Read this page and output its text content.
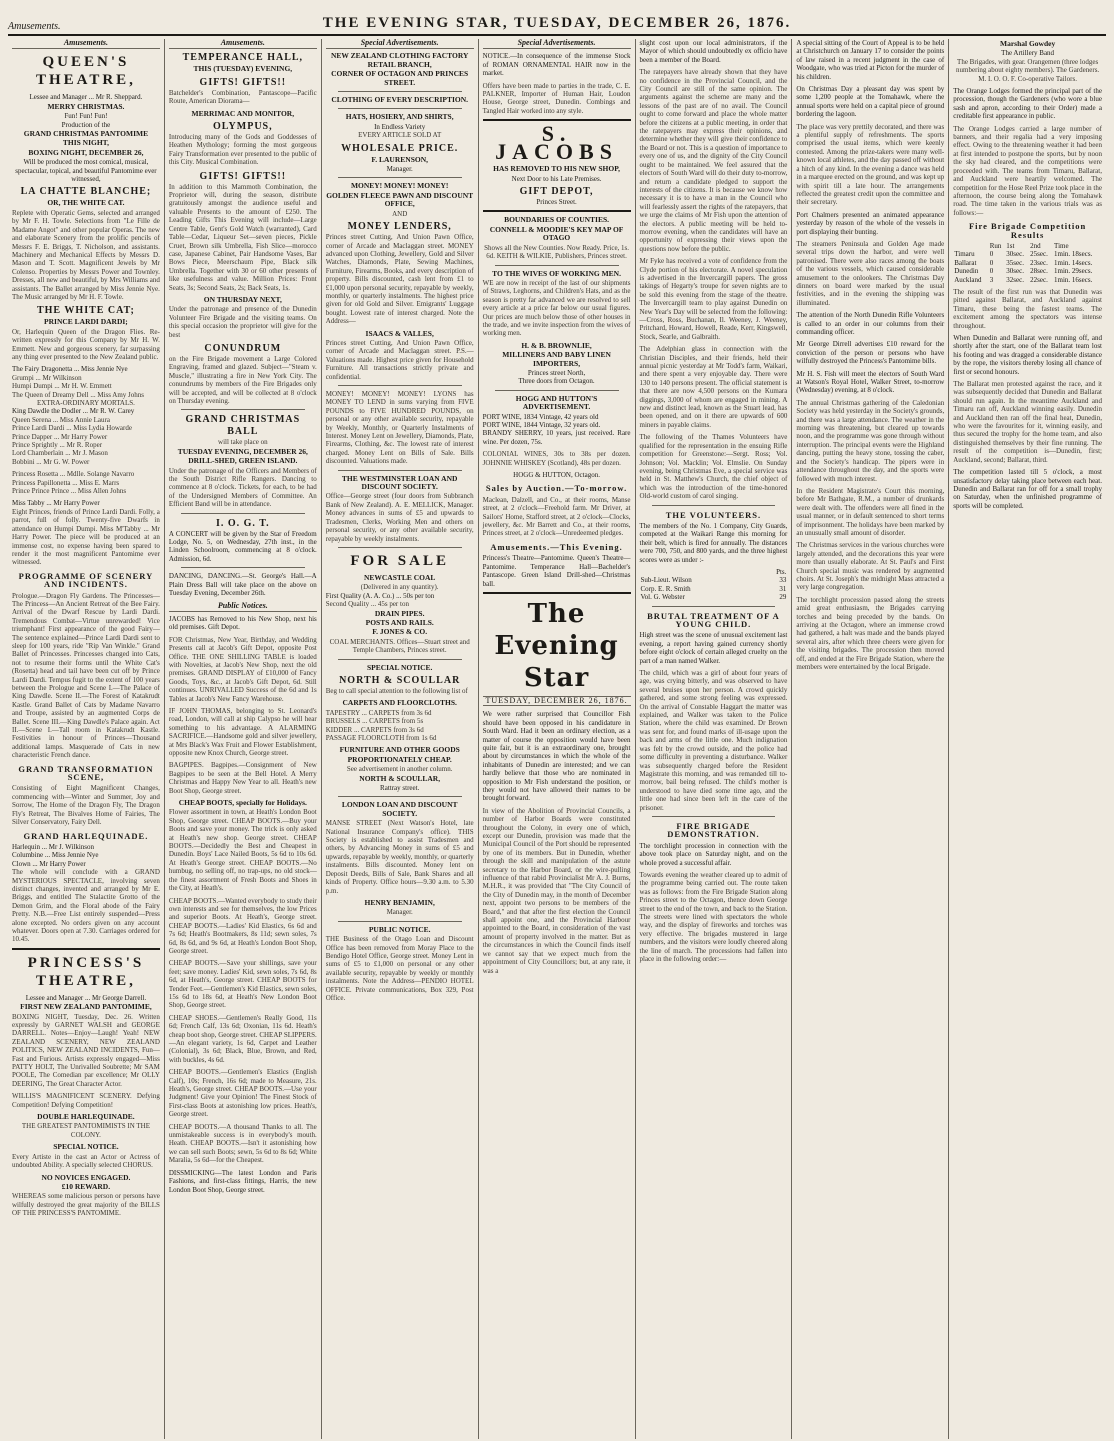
Amusements.	THE EVENING STAR, TUESDAY, DECEMBER 26, 1876.
Amusements.
QUEEN'S THEATRE,
Lessee and Manager ... Mr R. Sheppard.
MERRY CHRISTMAS.
Fun! Fun! Fun!
Production of the
GRAND CHRISTMAS PANTOMIME
THIS NIGHT,
BOXING NIGHT, DECEMBER 26,
Will be produced the most comical, musical, spectacular, topical, and beautiful Pantomime ever witnessed,
LA CHATTE BLANCHE;
OR, THE WHITE CAT.
Replete with Operatic Gems, selected and arranged by Mr F. H. Towle. Selections from "Le Fille de Madame Angot" and other popular Operas. The new and elaborate Scenery from the prolific pencils of Messrs F. E. Briggs, T. Nicholson, and assistants. Machinery and Mechanical Effects by Messrs D. Mason and T. Scott. Magnificent Jewels by Mr Colenso. Properties by Messrs Power and Townley. Dresses, all new and beautiful, by Mrs Williams and assistants. The Ballet arranged by Miss Jennie Nye. The Music arranged by Mr H. F. Towle.
THE WHITE CAT;
PRINCE LARDI DARDI;
Or, Harlequin Queen of the Dragon Flies. Re-written expressly for this Company by Mr H. W. Emmett. New and gorgeous scenery, far surpassing any thing ever presented to the New Zealand public.
The Fairy Dragonetta ... Miss Jennie Nye
Grumpi ... Mr Wilkinson
Humpi Dumpi ... Mr H. W. Emmett
The Queen of Dreamy Dell ... Miss Amy Johns
EXTRA-ORDINARY MORTALS.
King Dawdle the Dodler ... Mr R. W. Carey
Queen Serena ... Miss Annie Laura
Prince Lardi Dardi ... Miss Lydia Howarde
Prince Dapper ... Mr Harry Power
Prince Sprightly ... Mr R. Roper
Lord Chamberlain ... Mr J. Mason
Bobbini ... Mr G. W. Power
Princess Rosetta ... Mdlle. Solange Navarro
Princess Papillonetta ... Miss E. Marrs
Prince Prince Prince ... Miss Allen Johns
Miss Tabby ... Mr Harry Power
Eight Princes, friends of Prince Lardi Dardi. Folly, a parrot, full of folly. Twenty-five Dwarfs in attendance on Humpi Dumpi. Miss M'Tabby ... Mr Harry Power. The piece will be produced at an immense cost, no expense having been spared to render it the most magnificent Pantomime ever witnessed.
PROGRAMME OF SCENERY AND INCIDENTS.
Prologue.—Dragon Fly Gardens. The Princesses—The Princess—An Ancient Retreat of the Bee Fairy. Arrival of the Dwarf Rescue by Lardi Dardi. Tremendous Combat—Virtue unrewarded! Vice triumphant! First appearance of the good Fairy—The sentence explained—Prince Lardi Dardi sent to sleep for 100 years, ride "Rip Van Winkle." Grand Ballet of Princesses. Princesses changed into Cats, not to resume their forms until the White Cat's (Rosetta) head and tail have been cut off by Prince Lardi Dardi. Tempus fugit to the extent of 100 years between the Prologue and Scene I.—The Palace of King Dawdle. Scene II.—The Forest of Katakrudt Kastle. Grand Ballet of Cats by Madame Navarro and Troupe, assisted by an augmented Corps de Ballet. Scene III.—King Dawdle's Palace again. Act II.—Scene I.—Tall room in Katakrudt Kastle. Festivities in honour of Princes—Thousand additional lamps. Masquerade of Cats in new characteristic French dance.
GRAND TRANSFORMATION SCENE,
Consisting of Eight Magnificent Changes, commencing with—Winter and Summer, Joy and Sorrow, The Home of the Dragon Fly, The Dragon Fly's Retreat, The Bivalves Home of Fairies, The Silver Conservatory, Fairy Dell.
GRAND HARLEQUINADE.
Harlequin ... Mr J. Wilkinson
Columbine ... Miss Jennie Nye
Clown ... Mr Harry Power
The whole will conclude with a GRAND MYSTERIOUS SPECTACLE, involving seven distinct changes, invented and arranged by Mr E. Briggs, and entitled The Stalactite Grotto of the Demon Grim, and the Floral abode of the Fairy Pretty. N.B.—Free List entirely suspended—Press alone excepted. No orders given on any account whatever. Doors open at 7.30. Carriages ordered for 10.45.
PRINCESS'S THEATRE,
Lessee and Manager ... Mr George Darrell.
FIRST NEW ZEALAND PANTOMIME,
BOXING NIGHT, Tuesday, Dec. 26. Written expressly by GARNET WALSH and GEORGE DARRELL. Notes—Enjoy—Laugh! Yeah! NEW ZEALAND SCENERY, NEW ZEALAND POLITICS, NEW ZEALAND INCIDENTS, Fun—Fast and Furious. Artists expressly engaged—Miss PATTY HOLT, The Unrivalled Soubrette; Mr SAM POOLE, The Comedian par excellence; Mr OLLY DEERING, The Great Character Actor.
WILLIS'S MAGNIFICENT SCENERY. Defying Competition! Defying Competition!
DOUBLE HARLEQUINADE.
THE GREATEST PANTOMIMISTS IN THE COLONY.
SPECIAL NOTICE.
Every Artiste in the cast an Actor or Actress of undoubted Ability. A specially selected CHORUS.
NO NOVICES ENGAGED.
£10 REWARD.
WHEREAS some malicious person or persons have wilfully destroyed the great majority of the BILLS OF THE PRINCESS'S PANTOMIME.
Amusements.
TEMPERANCE HALL,
THIS (TUESDAY) EVENING,
GIFTS! GIFTS!!
Batchelder's Combination, Pantascope—Pacific Route, American Diorama—
MERRIMAC AND MONITOR,
OLYMPUS,
Introducing many of the Gods and Goddesses of Heathen Mythology; forming the most gorgeous Fairy Transformation ever presented to the public of this City. Musical Combination.
GIFTS! GIFTS!!
In addition to this Mammoth Combination, the Proprietor will, during the season, distribute gratuitously amongst the audience useful and valuable Presents to the amount of £250. The Leading Gifts This Evening will include—Large Centre Table, Gent's Gold Watch (warranted), Card Table—Cedar, Liqueur Set—seven pieces, Pickle Cruet, Brown silk Umbrella, Fish Slice—morocco case, Japanese Cabinet, Pair Handsome Vases, Bar Bows Piece, Meerschaum Pipe, Black silk Umbrella. Together with 30 or 60 other presents of like usefulness and value. Million Prices: Front Seats, 3s; Second Seats, 2s; Back Seats, 1s.
ON THURSDAY NEXT,
Under the patronage and presence of the Dunedin Volunteer Fire Brigade and the visiting teams. On this special occasion the proprietor will give for the best
CONUNDRUM
on the Fire Brigade movement a Large Colored Engraving, framed and glazed. Subject—"Steam v. Muscle," illustrating a fire in New York City. The conundrums by members of the Fire Brigades only will be accepted, and will be collected at 8 o'clock on Thursday evening.
GRAND CHRISTMAS BALL
will take place on
TUESDAY EVENING, DECEMBER 26,
DRILL-SHED, GREEN ISLAND.
Under the patronage of the Officers and Members of the South District Rifle Rangers. Dancing to commence at 8 o'clock. Tickets, for each, to be had of the Undersigned Members of Committee. An Efficient Band will be in attendance.
I. O. G. T.
A CONCERT will be given by the Star of Freedom Lodge, No. 5, on Wednesday, 27th inst., in the Linden Schoolroom, commencing at 8 o'clock. Admission, 6d.
DANCING, DANCING.—St. George's Hall.—A Plain Dress Ball will take place on the above on Tuesday Evening, December 26th.
Public Notices.
JACOBS has Removed to his New Shop, next his old premises. Gift Depot.
FOR Christmas, New Year, Birthday, and Wedding Presents call at Jacob's Gift Depot, opposite Post Office. THE ONE SHILLING TABLE is loaded with Novelties, at Jacob's New Shop, next the old premises. GRAND DISPLAY of £10,000 of Fancy Goods, Toys, &c., at Jacob's Gift Depot, 6d. Still continues. UNRIVALLED Success of the 6d and 1s Tables at Jacob's New Fancy Warehouse.
IF JOHN THOMAS, belonging to St. Leonard's road, London, will call at ship Calypso he will hear something to his advantage. A ALARMING SACRIFICE.—Handsome gold and silver jewellery, at Mrs Black's Wax Fruit and Flower Establishment, opposite new Knox Church, George street.
BAGPIPES. Bagpipes.—Consignment of New Bagpipes to be seen at the Bell Hotel. A Merry Christmas and Happy New Year to all. Heath's new Boot Shop, George street.
CHEAP BOOTS, specially for Holidays.
Flower assortment in town, at Heath's London Boot Shop, George street. CHEAP BOOTS.—Buy your Boots and save your money. The trick is only asked at Heath's new shop. George street. CHEAP BOOTS.—Decidedly the Best and Cheapest in Dunedin. Boys' Lace Nailed Boots, 5s 6d to 10s 6d. At Heath's George street. CHEAP BOOTS.—No humbug, no selling off, no trap-ups, no old stock—the finest assortment of Fresh Boots and Shoes in the City, at Heath's.
CHEAP BOOTS.—Wanted everybody to study their own interests and see for themselves, the low Prices and superior Boots. At Heath's, George street. CHEAP BOOTS.—Ladies' Kid Elastics, 6s 6d and 7s 6d; Heath's Bootmakers, 8s 11d; sewn soles, 7s 6d, 8s 6d, and 9s 6d, at Heath's London Boot Shop, George street.
CHEAP BOOTS.—Save your shillings, save your feet; save money. Ladies' Kid, sewn soles, 7s 6d, 8s 6d, at Heath's, George street. CHEAP BOOTS for Tender Feet.—Gentlemen's Kid Elastics, sewn soles, 15s 6d to 18s 6d, at Heath's New London Boot Shop, George street.
CHEAP SHOES.—Gentlemen's Really Good, 11s 6d; French Calf, 13s 6d; Oxonian, 11s 6d. Heath's cheap boot shop, George street. CHEAP SLIPPERS.—An elegant variety, 1s 6d, Carpet and Leather (Colonial), 3s 6d; Black, Blue, Brown, and Red, with buckles, 4s 6d.
CHEAP BOOTS.—Gentlemen's Elastics (English Calf), 10s; French, 16s 6d; made to Measure, 21s. Heath's, George street. CHEAP BOOTS.—Use your Judgment! Give your Opinion! The Finest Stock of First-class Boots at astonishing low prices. Heath's, George street.
CHEAP BOOTS.—A thousand Thanks to all. The unmistakeable success is in everybody's mouth. Heath. CHEAP BOOTS.—Isn't it astonishing how we can sell such Boots; sewn, 5s 6d to 8s 6d; White Maralia, 5s 6d—for the Cheapest.
DISSMICKING—The latest London and Paris Fashions, and first-class fittings, Harris, the new London Boot Shop, George street.
Special Advertisements.
NEW ZEALAND CLOTHING FACTORY RETAIL BRANCH,
CORNER OF OCTAGON AND PRINCES STREET.
CLOTHING OF EVERY DESCRIPTION.
HATS, HOSIERY, AND SHIRTS,
In Endless Variety
EVERY ARTICLE SOLD AT
WHOLESALE PRICE.
F. LAURENSON,
Manager.
MONEY! MONEY! MONEY!
GOLDEN FLEECE PAWN AND DISCOUNT OFFICE,
AND
MONEY LENDERS,
Princes street Cutting, And Union Pawn Office, corner of Arcade and Maclaggan street. MONEY advanced upon Clothing, Jewellery, Gold and Silver Watches, Diamonds, Plate, Sewing Machines, Furniture, Firearms, Books, and every description of property. Bills discounted, cash lent from £1 to £1,000 upon personal security, repayable by weekly, monthly, or quarterly instalments. The highest price given for old Gold and Silver. Emigrants' Luggage bought. Lowest rate of interest charged. Note the Address—
ISAACS & VALLES,
Princes street Cutting, And Union Pawn Office, corner of Arcade and Maclaggan street. P.S.—Valuations made. Highest price given for Household Furniture. All transactions strictly private and confidential.
MONEY! MONEY! MONEY! LYONS has MONEY TO LEND in sums varying from FIVE POUNDS to FIVE HUNDRED POUNDS, on personal or any other available security, repayable by Weekly, Monthly, or Quarterly Instalments of Interest. Money Lent on Jewellery, Diamonds, Plate, Firearms, Clothing, &c. The lowest rate of interest charged. Money Lent on Bills of Sale. Bills discounted. Valuations made.
THE WESTMINSTER LOAN AND DISCOUNT SOCIETY.
Office—George street (four doors from Subbranch Bank of New Zealand). A. E. MELLICK, Manager. Money advances in sums of £5 and upwards to Tradesmen, Clerks, Working Men and others on personal security, or any other available security, repayable by weekly instalments.
FOR SALE
NEWCASTLE COAL
(Delivered in any quantity).
First Quality (A. A. Co.) ... 50s per ton
Second Quality ... 45s per ton
DRAIN PIPES.
POSTS AND RAILS.
F. JONES & CO.
COAL MERCHANTS. Offices—Stuart street and Temple Chambers, Princes street.
SPECIAL NOTICE.
NORTH & SCOULLAR
Beg to call special attention to the following list of
CARPETS AND FLOORCLOTHS.
TAPESTRY ... CARPETS from 3s 6d
BRUSSELS ... CARPETS from 5s
KIDDER ... CARPETS from 3s 6d
PASSAGE FLOORCLOTH from 1s 6d
FURNITURE AND OTHER GOODS
PROPORTIONATELY CHEAP.
See advertisement in another column.
NORTH & SCOULLAR,
Rattray street.
LONDON LOAN AND DISCOUNT SOCIETY.
MANSE STREET (Next Watson's Hotel, late National Insurance Company's office). THIS Society is established to assist Tradesmen and others, by Advancing Money in sums of £5 and upwards, repayable by weekly, monthly, or quarterly instalments. Bills discounted. Money lent on Deposit Deeds, Bills of Sale, Bank Shares and all kinds of Property. Office hours—9.30 a.m. to 5.30 p.m.
HENRY BENJAMIN,
Manager.
PUBLIC NOTICE.
THE Business of the Otago Loan and Discount Office has been removed from Moray Place to the Bendigo Hotel Office, George street. Money Lent in sums of £5 to £1,000 on personal or any other available security, repayable by weekly or monthly instalments. Note the Address—PENDIO HOTEL OFFICE. Private communications, Box 329, Post Office.
Special Advertisements.
NOTICE.—In consequence of the immense Stock of ROMAN ORNAMENTAL HAIR now in the market.
Offers have been made to parties in the trade, C. E. PALKNER, Importer of Human Hair, Loudon House, George street, Dunedin. Combings and Tangled Hair worked into any style.
S. JACOBS
HAS REMOVED TO HIS NEW SHOP,
Next Door to his Late Premises.
GIFT DEPOT,
Princes Street.
BOUNDARIES OF COUNTIES.
CONNELL & MOODIE'S KEY MAP OF OTAGO
Shows all the New Counties. Now Ready. Price, 1s. 6d. KEITH & WILKIE, Publishers, Princes street.
TO THE WIVES OF WORKING MEN.
WE are now in receipt of the last of our shipments of Straws, Leghorns, and Children's Hats, and as the season is pretty far advanced we are resolved to sell every article at a price far below our usual figures. Our prices are much below those of other houses in the trade, and we invite inspection from the wives of working men.
H. & B. BROWNLIE,
MILLINERS AND BABY LINEN IMPORTERS,
Princes street North,
Three doors from Octagon.
HOGG AND HUTTON'S ADVERTISEMENT.
PORT WINE, 1834 Vintage, 42 years old
PORT WINE, 1844 Vintage, 32 years old.
BRANDY SHERRY, 10 years, just received. Rare wine. Per dozen, 75s.
COLONIAL WINES, 30s to 38s per dozen. JOHNNIE WHISKEY (Scotland), 48s per dozen.
HOGG & HUTTON, Octagon.
Sales by Auction.—To-morrow.
Maclean, Dalzell, and Co., at their rooms, Manse street, at 2 o'clock—Freehold farm. Mr Driver, at Sailors' Home, Stafford street, at 2 o'clock—Clocks, jewellery, &c. Mr Barrett and Co., at their rooms, Princes street, at 2 o'clock—Unredeemed pledges.
Amusements.—This Evening.
Princess's Theatre—Pantomime. Queen's Theatre—Pantomime. Temperance Hall—Bachelder's Pantascope. Green Island Drill-shed—Christmas ball.
The Evening Star
TUESDAY, DECEMBER 26, 1876.
We were rather surprised that Councillor Fish should have been opposed in his candidature in South Ward. Had it been an ordinary election, as a matter of course the opposition would have been quite fair, but it is an extraordinary one, brought about by circumstances in which the whole of the inhabitants of Dunedin are interested; and we can hardly believe that those who are nominated in opposition to Mr Fish understand the position, or they would not have allowed their names to be brought forward.
In view of the Abolition of Provincial Councils, a number of Harbor Boards were constituted throughout the Colony, in every one of which, except our Dunedin, provision was made that the Municipal Council of the Port should be represented by one of its members. But in Dunedin, whether through the skill and manipulation of the astute secretary to the Harbor Board, or the wire-pulling influence of that rabid Provincialist Mr A. J. Burns, M.H.R., it was provided that "The City Council of the City of Dunedin may, in the month of December next, appoint two persons to be members of the Board," and that after the first election the Council shall appoint one, and the Provincial Harbour appointed to the Board, in consideration of the vast amount of property involved in the matter. But as the circumstances in which the Council finds itself we cannot say that we expect much from the appointment of City Councillors; but, at any rate, it was a
slight cost upon our local administrators, if the Mayor of which should undoubtedly ex officio have been a member of the Board.
The ratepayers have already shown that they have no confidence in the Provincial Council, and the City Council are still of the same opinion. The arguments against the scheme are many and the lessons of the past are of no avail. The Council ought to come forward and place the whole matter before the citizens at a public meeting, in order that the ratepayers may express their opinions, and determine whether they will give their confidence to the Board or not. This is a question of importance to every one of us, and the dignity of the City Council ought to be maintained. We feel assured that the electors of South Ward will do their duty to-morrow, and return a candidate pledged to support the interests of the citizens. It is because we know how necessary it is to have a man in the Council who will fearlessly assert the rights of the ratepayers, that we urge the claims of Mr Fish upon the attention of the electors. A public meeting will be held to-morrow evening, when the candidates will have an opportunity of expressing their views upon the questions now before the public.
Mr Fyke has received a vote of confidence from the Clyde portion of his electorate. A novel speculation is advertised in the Invercargill papers. The gross takings of Hegarty's troupe for seven nights are to be sold this evening from the stage of the theatre. The Invercargill team to play against Dunedin on New Year's Day will be selected from the following:—Cross, Ross, Buchanan, Il. Weeney, J. Weeney, Pritchard, Howard, Howell, Reade, Kerr, Kingswell, Stock, Searle, and Galbraith.
The Adelphian glass in connection with the Christian Disciples, and their friends, held their annual picnic yesterday at Mr Todd's farm, Waikari, and there spent a very enjoyable day. There were 130 to 140 persons present. The official statement is that there are now 4,500 persons on the Kumara diggings, 3,000 of whom are engaged in mining. A new and distinct lead, known as the Stuart lead, has been opened, and on it there are upwards of 600 miners in payable claims.
The following of the Thames Volunteers have qualified for the representation in the ensuing Rifle competition for Greenstone:—Sergt. Ross; Vol. Johnson; Vol. Macklin; Vol. Elmslie. On Sunday evening, being Christmas Eve, a special service was held in St. Matthew's Church, the chief object of which was the introduction of the time-honored Old-world custom of carol singing.
THE VOLUNTEERS.
The members of the No. 1 Company, City Guards, competed at the Waikari Range this morning for their belt, which is fired for annually. The distances were 700, 750, and 800 yards, and the three highest scores were as under :-
	Pts.
Sub-Lieut. Wilson	33
Corp. E. R. Smith	31
Vol. G. Webster	29
BRUTAL TREATMENT OF A YOUNG CHILD.
High street was the scene of unusual excitement last evening, a report having gained currency shortly before eight o'clock of certain alleged cruelty on the part of a man named Walker.
The child, which was a girl of about four years of age, was crying bitterly, and was observed to have several bruises upon her person. A crowd quickly gathered, and some strong feeling was expressed. On the arrival of Constable Haggart the matter was explained, and Walker was taken to the Police Station, where the child was examined. Dr Brown was sent for, and found marks of ill-usage upon the back and arms of the little one. Much indignation was felt by the crowd outside, and the police had some difficulty in preventing a disturbance. Walker was subsequently charged before the Resident Magistrate this morning, and was remanded till to-morrow, bail being refused. The child's mother is understood to have died some time ago, and the little one had since been left in the care of the prisoner.
FIRE BRIGADE DEMONSTRATION.
The torchlight procession in connection with the above took place on Saturday night, and on the whole proved a successful affair.
Towards evening the weather cleared up to admit of the programme being carried out. The route taken was as follows: from the Fire Brigade Station along Princes street to the Octagon, thence down George street to the end of the town, and back to the Station. The streets were lined with spectators the whole way, and the display of fireworks and torches was very effective. The brigades mustered in large numbers, and the visitors were loudly cheered along the line of march. The processions had fallen into place in the following order:—
A special sitting of the Court of Appeal is to be held at Christchurch on January 17 to consider the points of law raised in a recent judgment in the case of Woodgate, who was tried at Picton for the murder of his children.
On Christmas Day a pleasant day was spent by some 1,200 people at the Tomahawk, where the annual sports were held on a capital piece of ground bordering the lagoon.
The place was very prettily decorated, and there was a plentiful supply of refreshments. The sports comprised the usual items, which were keenly contested. Among the prize-takers were many well-known local athletes, and the day passed off without a hitch of any kind. In the evening a dance was held in a marquee erected on the ground, and was kept up with spirit till a late hour. The arrangements reflected the greatest credit upon the committee and their secretary.
Port Chalmers presented an animated appearance yesterday by reason of the whole of the vessels in port displaying their bunting.
The steamers Peninsula and Golden Age made several trips down the harbor, and were well patronised. There were also races among the boats of the various vessels, which caused considerable amusement to the onlookers. The Christmas Day dinners on board were marked by the usual festivities, and in the evening the shipping was illuminated.
The attention of the North Dunedin Rifle Volunteers is called to an order in our columns from their commanding officer.
Mr George Dirrell advertises £10 reward for the conviction of the person or persons who have wilfully destroyed the Princess's Pantomime bills.
Mr H. S. Fish will meet the electors of South Ward at Watson's Royal Hotel, Walker Street, to-morrow (Wednesday) evening, at 8 o'clock.
The annual Christmas gathering of the Caledonian Society was held yesterday in the Society's grounds, and there was a large attendance. The weather in the morning was threatening, but cleared up towards noon, and the programme was gone through without interruption. The principal events were the Highland dancing, putting the heavy stone, tossing the caber, and the Society's handicap. The pipers were in attendance throughout the day, and the sports were followed with much interest.
In the Resident Magistrate's Court this morning, before Mr Bathgate, R.M., a number of drunkards were dealt with. The offenders were all fined in the usual manner, or in default sentenced to short terms of imprisonment. The holidays have been marked by an unusually small amount of disorder.
The Christmas services in the various churches were largely attended, and the decorations this year were more than usually elaborate. At St. Paul's and First Church special music was rendered by augmented choirs. At St. Joseph's the midnight Mass attracted a very large congregation.
The torchlight procession passed along the streets amid great enthusiasm, the Brigades carrying torches and being preceded by the bands. On arriving at the Octagon, where an immense crowd had gathered, a halt was made and the bands played several airs, after which three cheers were given for the visiting brigades. The procession then moved off, and ended at the Fire Brigade Station, where the members were entertained by the local Brigade.
Marshal Gowdey
The Artillery Band
The Brigades, with gear. Orangemen (three lodges numbering about eighty members). The Gardeners. M. I. O. O. F. Co-operative Tailors.
The Orange Lodges formed the principal part of the procession, though the Gardeners (who wore a blue sash and apron, according to their Order) made a creditable first appearance in public.
The Orange Lodges carried a large number of banners, and their regalia had a very imposing effect. Owing to the threatening weather it had been at first intended to postpone the sports, but by noon the sky had cleared, and the competitions were proceeded with. The teams from Timaru, Ballarat, and Auckland were heartily welcomed. The competition for the Hose Reel Prize took place in the afternoon, the course being along the Tomahawk road. The time taken in the various trials was as follows:—
Fire Brigade Competition Results
	Run	1st	2nd	Time
Timaru	0	30sec.	25sec.	1min. 18secs.
Ballarat	0	35sec.	23sec.	1min. 14secs.
Dunedin	0	30sec.	28sec.	1min. 29secs.
Auckland	3	32sec.	22sec.	1min. 16secs.
The result of the first run was that Dunedin was pitted against Ballarat, and Auckland against Timaru, these being the fastest teams. The excitement among the spectators was intense throughout.
When Dunedin and Ballarat were running off, and shortly after the start, one of the Ballarat team lost his footing and was dragged a considerable distance by the rope, the visitors thereby losing all chance of first or second honours.
The Ballarat men protested against the race, and it was subsequently decided that Dunedin and Ballarat should run again. In the meantime Auckland and Timaru ran off, Auckland winning easily. Dunedin and Auckland then ran off the final heat, Dunedin, who were the favourites for it, winning easily, and thus secured the trophy for the home team, and also distinguished themselves by their fine running. The result of the competition is—Dunedin, first; Auckland, second; Ballarat, third.
The competition lasted till 5 o'clock, a most unsatisfactory delay taking place between each heat. Dunedin and Ballarat ran for off for a small trophy on Saturday, when the unfinished programme of sports will be completed.
